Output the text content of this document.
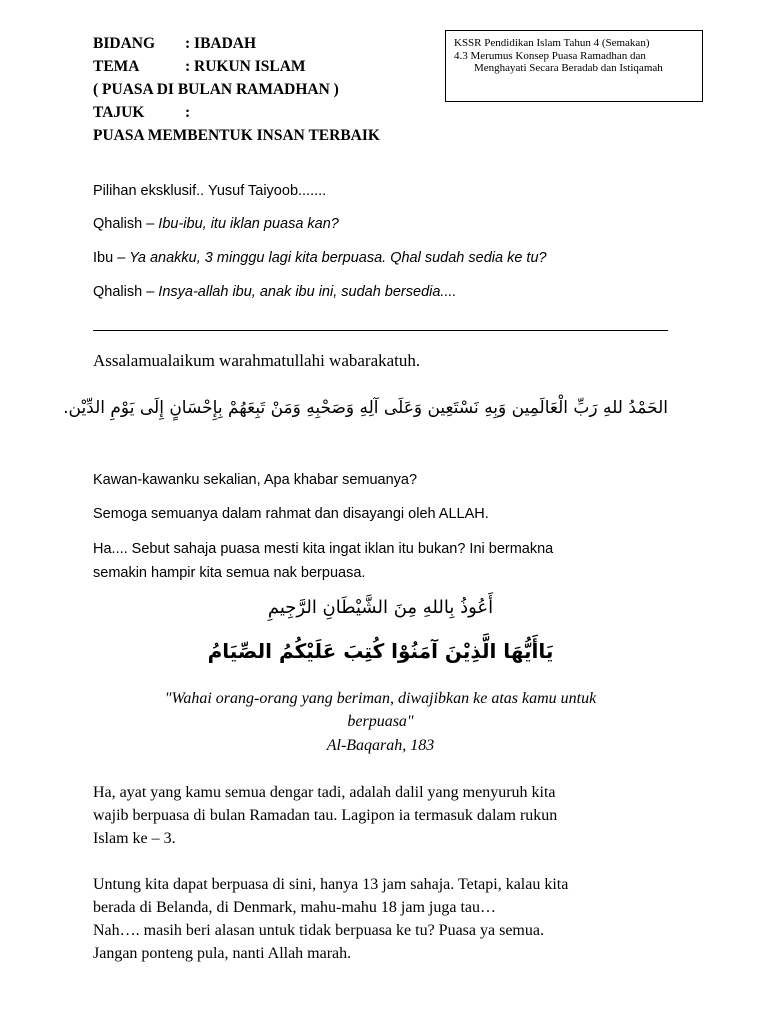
BIDANG : IBADAH
TEMA	: RUKUN ISLAM
( PUASA DI BULAN RAMADHAN )
TAJUK	:
PUASA MEMBENTUK INSAN TERBAIK
KSSR Pendidikan Islam Tahun 4 (Semakan)
4.3 Merumus Konsep Puasa Ramadhan dan Menghayati Secara Beradab dan Istiqamah
Pilihan eksklusif.. Yusuf Taiyoob.......
Qhalish – Ibu-ibu, itu iklan puasa kan?
Ibu – Ya anakku, 3 minggu lagi kita berpuasa. Qhal sudah sedia ke tu?
Qhalish – Insya-allah ibu, anak ibu ini, sudah bersedia....
Assalamualaikum warahmatullahi wabarakatuh.
الحَمْدُ للهِ رَبِّ الْعَالَمِين وَبِهِ نَسْتَعِين وَعَلَى آلِهِ وَصَحْبِهِ وَمَنْ تَبِعَهُمْ بِإِحْسَانٍ إِلَى يَوْمِ الدِّيْن.
Kawan-kawanku sekalian, Apa khabar semuanya?
Semoga semuanya dalam rahmat dan disayangi oleh ALLAH.
Ha.... Sebut sahaja puasa mesti kita ingat iklan itu bukan? Ini bermakna
semakin hampir kita semua nak berpuasa.
أَعُوذُ بِاللهِ مِنَ الشَّيْطَانِ الرَّجِيمِ
يَاأَيُّهَا الَّذِيْنَ آمَنُوْا كُتِبَ عَلَيْكُمُ الصِّيَامُ
"Wahai orang-orang yang beriman, diwajibkan ke atas kamu untuk
berpuasa"
Al-Baqarah, 183
Ha, ayat yang kamu semua dengar tadi, adalah dalil yang menyuruh kita
wajib berpuasa di bulan Ramadan tau. Lagipon ia termasuk dalam rukun
Islam ke – 3.
Untung kita dapat berpuasa di sini, hanya 13 jam sahaja. Tetapi, kalau kita
berada di Belanda, di Denmark, mahu-mahu 18 jam juga tau…
Nah…. masih beri alasan untuk tidak berpuasa ke tu? Puasa ya semua.
Jangan ponteng pula, nanti Allah marah.
